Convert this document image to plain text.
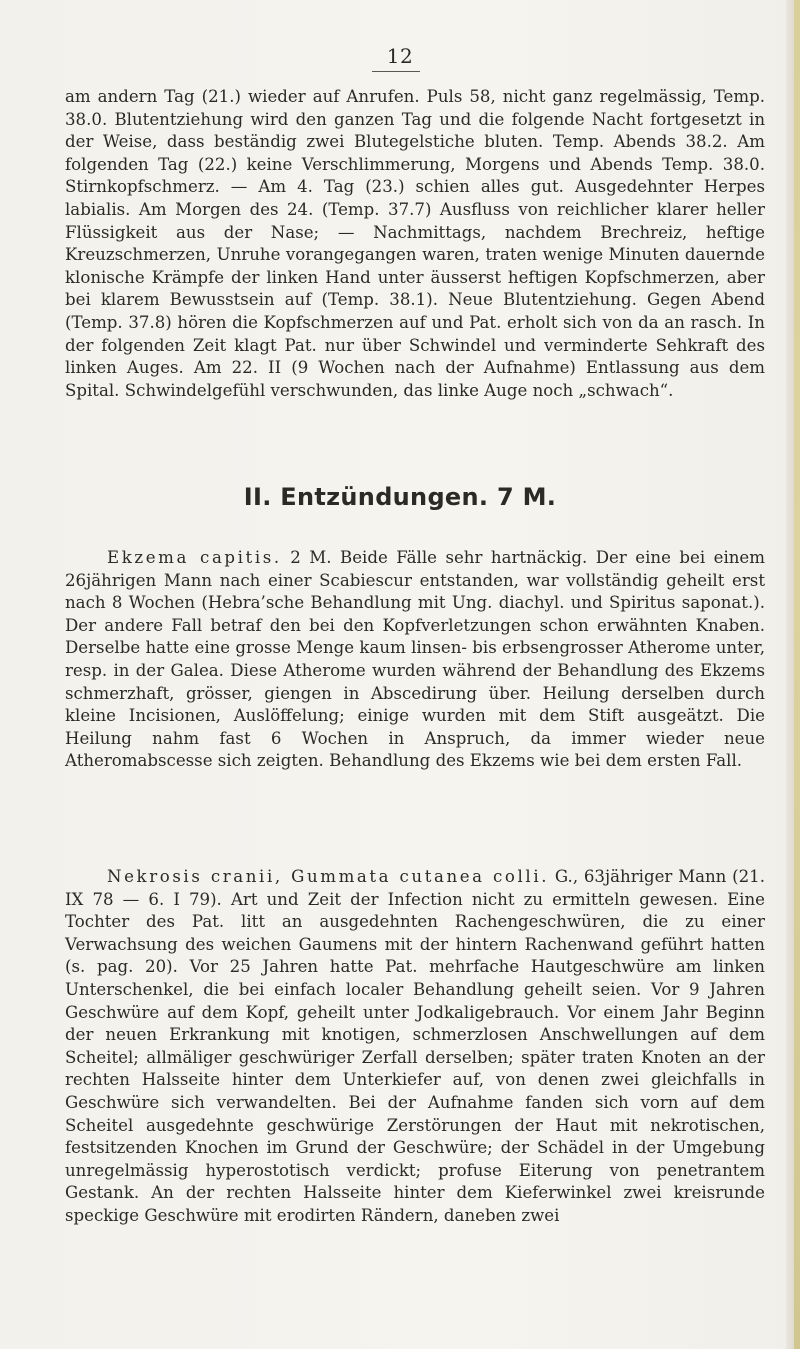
12

am andern Tag (21.) wieder auf Anrufen. Puls 58, nicht ganz regelmässig, Temp. 38.0. Blutentziehung wird den ganzen Tag und die folgende Nacht fortgesetzt in der Weise, dass beständig zwei Blutegelstiche bluten. Temp. Abends 38.2. Am folgenden Tag (22.) keine Verschlimmerung, Morgens und Abends Temp. 38.0. Stirnkopfschmerz. — Am 4. Tag (23.) schien alles gut. Ausgedehnter Herpes labialis. Am Morgen des 24. (Temp. 37.7) Ausfluss von reichlicher klarer heller Flüssigkeit aus der Nase; — Nachmittags, nachdem Brechreiz, heftige Kreuzschmerzen, Unruhe vorangegangen waren, traten wenige Minuten dauernde klonische Krämpfe der linken Hand unter äusserst heftigen Kopfschmerzen, aber bei klarem Bewusstsein auf (Temp. 38.1). Neue Blutentziehung. Gegen Abend (Temp. 37.8) hören die Kopfschmerzen auf und Pat. erholt sich von da an rasch. In der folgenden Zeit klagt Pat. nur über Schwindel und verminderte Sehkraft des linken Auges. Am 22. II (9 Wochen nach der Aufnahme) Entlassung aus dem Spital. Schwindelgefühl verschwunden, das linke Auge noch „schwach“.

II. Entzündungen. 7 M.

Ekzema capitis. 2 M. Beide Fälle sehr hartnäckig. Der eine bei einem 26jährigen Mann nach einer Scabiescur entstanden, war vollständig geheilt erst nach 8 Wochen (Hebra’sche Behandlung mit Ung. diachyl. und Spiritus saponat.). Der andere Fall betraf den bei den Kopfverletzungen schon erwähnten Knaben. Derselbe hatte eine grosse Menge kaum linsen- bis erbsengrosser Atherome unter, resp. in der Galea. Diese Atherome wurden während der Behandlung des Ekzems schmerzhaft, grösser, giengen in Abscedirung über. Heilung derselben durch kleine Incisionen, Auslöffelung; einige wurden mit dem Stift ausgeätzt. Die Heilung nahm fast 6 Wochen in Anspruch, da immer wieder neue Atheromabscesse sich zeigten. Behandlung des Ekzems wie bei dem ersten Fall.

Nekrosis cranii, Gummata cutanea colli. G., 63jähriger Mann (21. IX 78 — 6. I 79). Art und Zeit der Infection nicht zu ermitteln gewesen. Eine Tochter des Pat. litt an ausgedehnten Rachengeschwüren, die zu einer Verwachsung des weichen Gaumens mit der hintern Rachenwand geführt hatten (s. pag. 20). Vor 25 Jahren hatte Pat. mehrfache Hautgeschwüre am linken Unterschenkel, die bei einfach localer Behandlung geheilt seien. Vor 9 Jahren Geschwüre auf dem Kopf, geheilt unter Jodkaligebrauch. Vor einem Jahr Beginn der neuen Erkrankung mit knotigen, schmerzlosen Anschwellungen auf dem Scheitel; allmäliger geschwüriger Zerfall derselben; später traten Knoten an der rechten Halsseite hinter dem Unterkiefer auf, von denen zwei gleichfalls in Geschwüre sich verwandelten. Bei der Aufnahme fanden sich vorn auf dem Scheitel ausgedehnte geschwürige Zerstörungen der Haut mit nekrotischen, festsitzenden Knochen im Grund der Geschwüre; der Schädel in der Umgebung unregelmässig hyperostotisch verdickt; profuse Eiterung von penetrantem Gestank. An der rechten Halsseite hinter dem Kieferwinkel zwei kreisrunde speckige Geschwüre mit erodirten Rändern, daneben zwei
